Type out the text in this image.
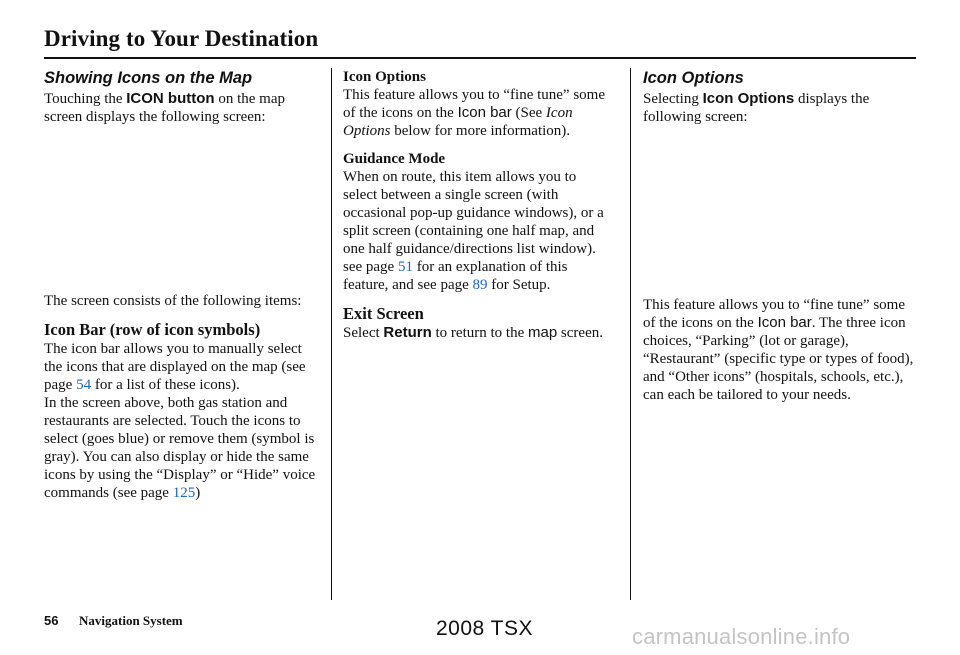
Driving to Your Destination
Showing Icons on the Map

Touching the ICON button on the map screen displays the following screen:

The screen consists of the following items:

Icon Bar (row of icon symbols)

The icon bar allows you to manually select the icons that are displayed on the map (see page 54 for a list of these icons).

In the screen above, both gas station and restaurants are selected. Touch the icons to select (goes blue) or remove them (symbol is gray). You can also display or hide the same icons by using the “Display” or “Hide” voice commands (see page 125)

Icon Options

This feature allows you to “fine tune” some of the icons on the Icon bar (See Icon Options below for more information).

Guidance Mode

When on route, this item allows you to select between a single screen (with occasional pop-up guidance windows), or a split screen (containing one half map, and one half guidance/directions list window). see page 51 for an explanation of this feature, and see page 89 for Setup.

Exit Screen

Select Return to return to the map screen.

Icon Options

Selecting Icon Options displays the following screen:

This feature allows you to “fine tune” some of the icons on the Icon bar. The three icon choices, “Parking” (lot or garage), “Restaurant” (specific type or types of food), and “Other icons” (hospitals, schools, etc.), can each be tailored to your needs.

56 Navigation System	2008 TSX	carmanualsonline.info
